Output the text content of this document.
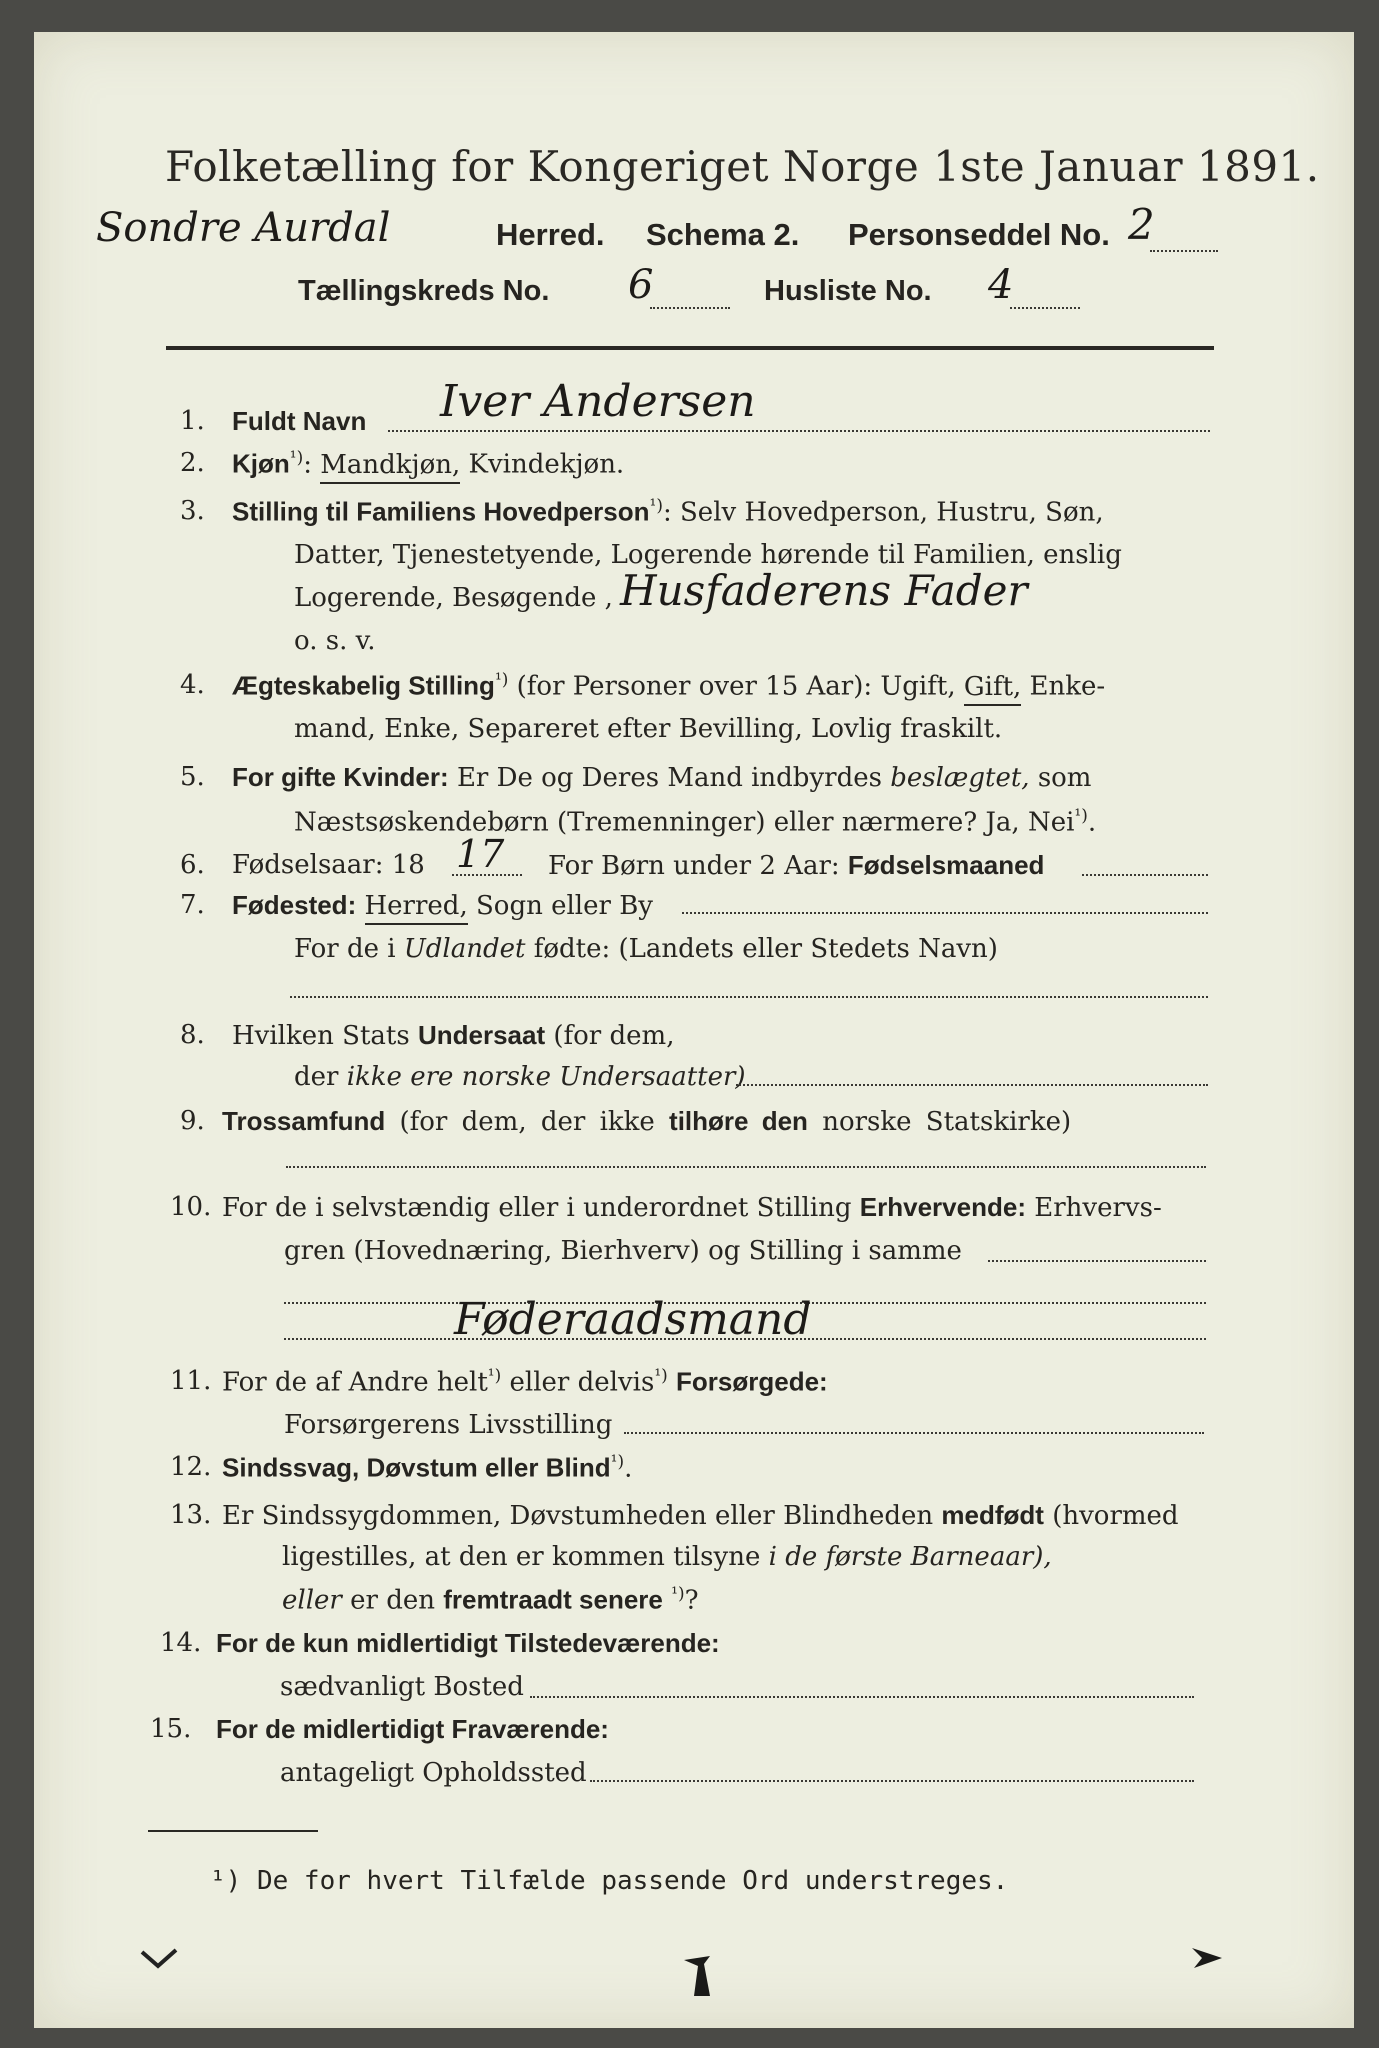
Folketælling for Kongeriget Norge 1ste Januar 1891.
Sondre Aurdal	Herred. Schema 2. Personseddel No. 2
Tællingskreds No. 6	Husliste No. 4
1. Fuldt Navn Iver Andersen
2. Kjøn$^{^1)}$: Mandkjøn, Kvindekjøn.
3. Stilling til Familiens Hovedperson$^{^1)}$: Selv Hovedperson, Hustru, Søn,
Datter, Tjenestetyende, Logerende hørende til Familien, enslig
Logerende, Besøgende , Husfaderens Fader
o. s. v.
4. Ægteskabelig Stilling$^{^1)}$ (for Personer over 15 Aar): Ugift, Gift, Enke-
mand, Enke, Separeret efter Bevilling, Lovlig fraskilt.
5. For gifte Kvinder: Er De og Deres Mand indbyrdes beslægtet, som
Næstsøskendebørn (Tremenninger) eller nærmere? Ja, Nei$^{^1)}$.
6. Fødselsaar: 18 17 For Børn under 2 Aar: Fødselsmaaned
7. Fødested: Herred, Sogn eller By
For de i Udlandet fødte: (Landets eller Stedets Navn)
8. Hvilken Stats Undersaat (for dem,
der ikke ere norske Undersaatter)
9. Trossamfund (for dem, der ikke tilhøre den norske Statskirke)
10. For de i selvstændig eller i underordnet Stilling Erhvervende: Erhvervs-
gren (Hovednæring, Bierhverv) og Stilling i samme
Føderaadsmand
11. For de af Andre helt$^{^1)}$ eller delvis$^{^1)}$ Forsørgede:
Forsørgerens Livsstilling
12. Sindssvag, Døvstum eller Blind$^{^1)}$.
13. Er Sindssygdommen, Døvstumheden eller Blindheden medfødt (hvormed
ligestilles, at den er kommen tilsyne i de første Barneaar),
eller er den fremtraadt senere $^{^1)}$?
14. For de kun midlertidigt Tilstedeværende:
sædvanligt Bosted
15. For de midlertidigt Fraværende:
antageligt Opholdssted
¹) De for hvert Tilfælde passende Ord understreges.
